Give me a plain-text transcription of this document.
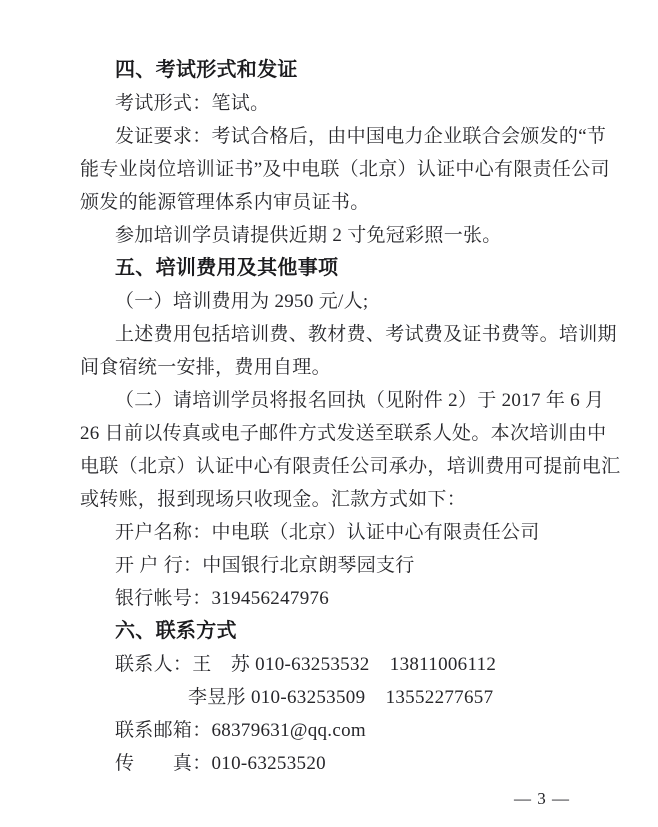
四、考试形式和发证
考试形式：笔试。
发证要求：考试合格后，由中国电力企业联合会颁发的“节
能专业岗位培训证书”及中电联（北京）认证中心有限责任公司
颁发的能源管理体系内审员证书。
参加培训学员请提供近期 2 寸免冠彩照一张。
五、培训费用及其他事项
（一）培训费用为 2950 元/人;
上述费用包括培训费、教材费、考试费及证书费等。培训期
间食宿统一安排，费用自理。
（二）请培训学员将报名回执（见附件 2）于 2017 年 6 月
26 日前以传真或电子邮件方式发送至联系人处。本次培训由中
电联（北京）认证中心有限责任公司承办，培训费用可提前电汇
或转账，报到现场只收现金。汇款方式如下：
开户名称：中电联（北京）认证中心有限责任公司
开 户 行：中国银行北京朗琴园支行
银行帐号：319456247976
六、联系方式
联系人：王　苏 010-63253532    13811006112
李昱彤 010-63253509    13552277657
联系邮箱：68379631@qq.com
传　　真：010-63253520
— 3 —
